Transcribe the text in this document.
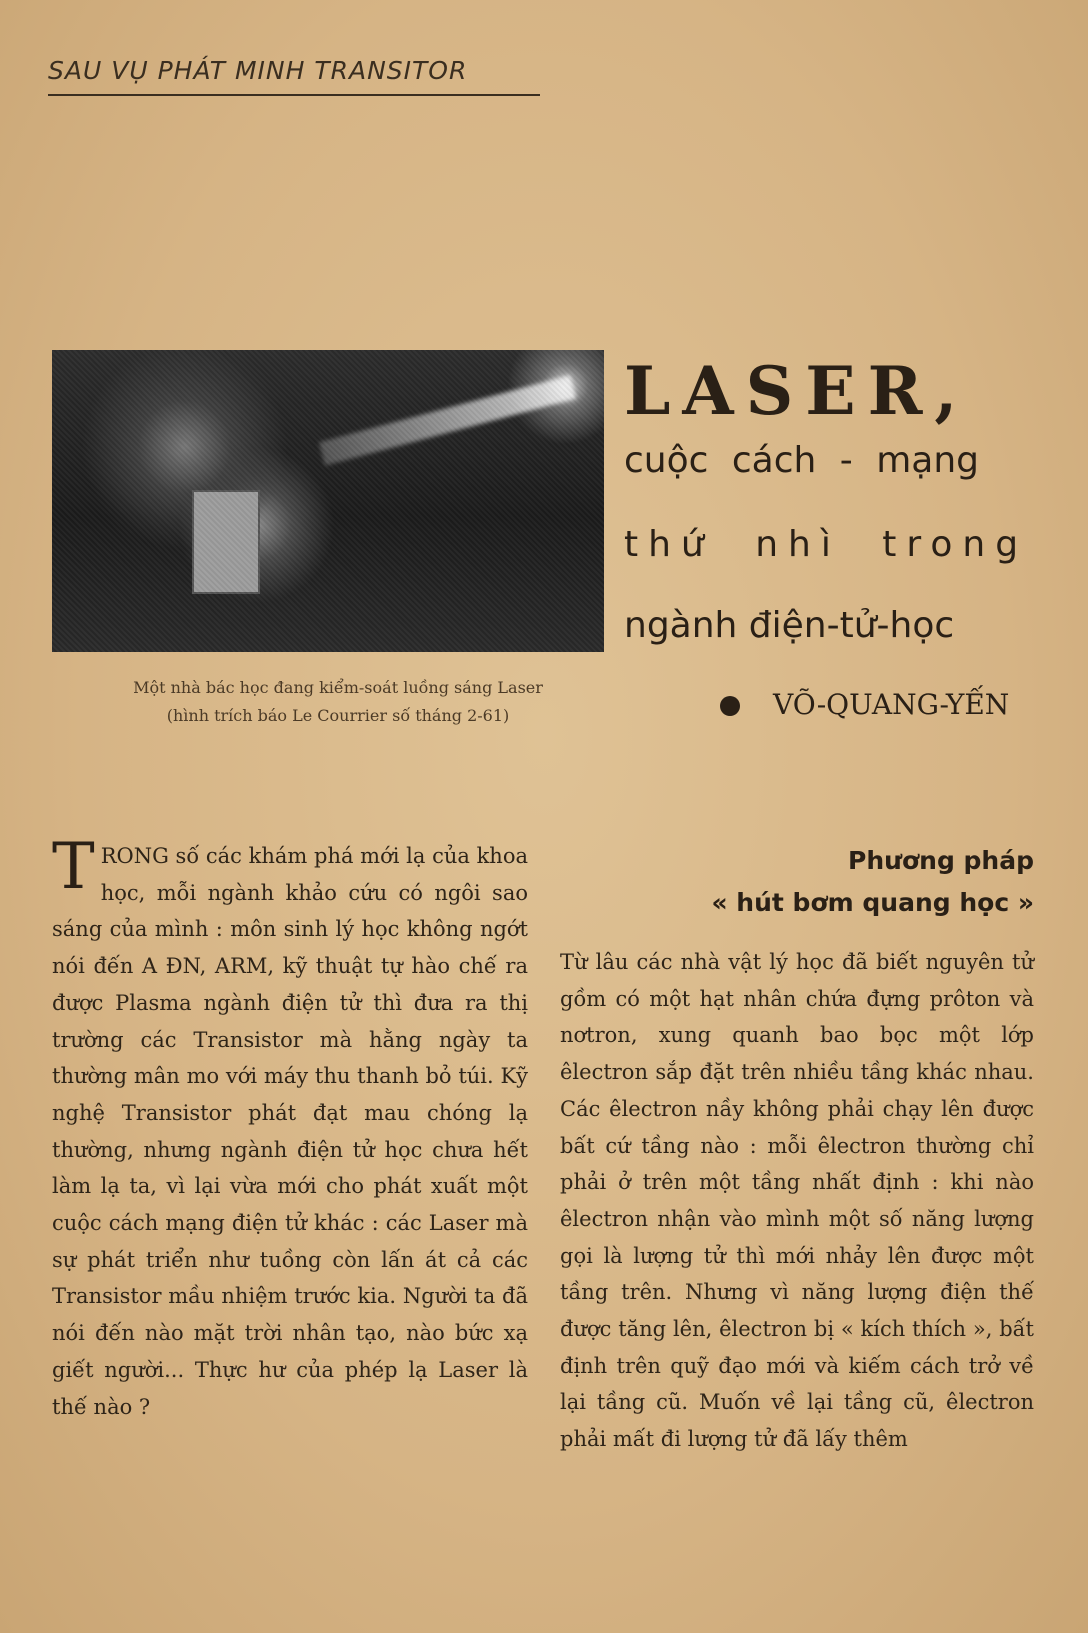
SAU VỤ PHÁT MINH TRANSITOR
Một nhà bác học đang kiểm-soát luồng sáng Laser
(hình trích báo Le Courrier số tháng 2-61)
LASER,
cuộc cách - mạng
thứ nhì trong
ngành điện-tử-học
VÕ-QUANG-YẾN
T RONG số các khám phá mới lạ của khoa học, mỗi ngành khảo cứu có ngôi sao sáng của mình : môn sinh lý học không ngớt nói đến A ĐN, ARM, kỹ thuật tự hào chế ra được Plasma ngành điện tử thì đưa ra thị trường các Transistor mà hằng ngày ta thường mân mo với máy thu thanh bỏ túi. Kỹ nghệ Transistor phát đạt mau chóng lạ thường, nhưng ngành điện tử học chưa hết làm lạ ta, vì lại vừa mới cho phát xuất một cuộc cách mạng điện tử khác : các Laser mà sự phát triển như tuồng còn lấn át cả các Transistor mầu nhiệm trước kia. Người ta đã nói đến nào mặt trời nhân tạo, nào bức xạ giết người... Thực hư của phép lạ Laser là thế nào ?
Phương pháp
« hút bơm quang học »
Từ lâu các nhà vật lý học đã biết nguyên tử gồm có một hạt nhân chứa đựng prôton và nơtron, xung quanh bao bọc một lớp êlectron sắp đặt trên nhiều tầng khác nhau. Các êlectron nầy không phải chạy lên được bất cứ tầng nào : mỗi êlectron thường chỉ phải ở trên một tầng nhất định : khi nào êlectron nhận vào mình một số năng lượng gọi là lượng tử thì mới nhảy lên được một tầng trên. Nhưng vì năng lượng điện thế được tăng lên, êlectron bị « kích thích », bất định trên quỹ đạo mới và kiếm cách trở về lại tầng cũ. Muốn về lại tầng cũ, êlectron phải mất đi lượng tử đã lấy thêm
